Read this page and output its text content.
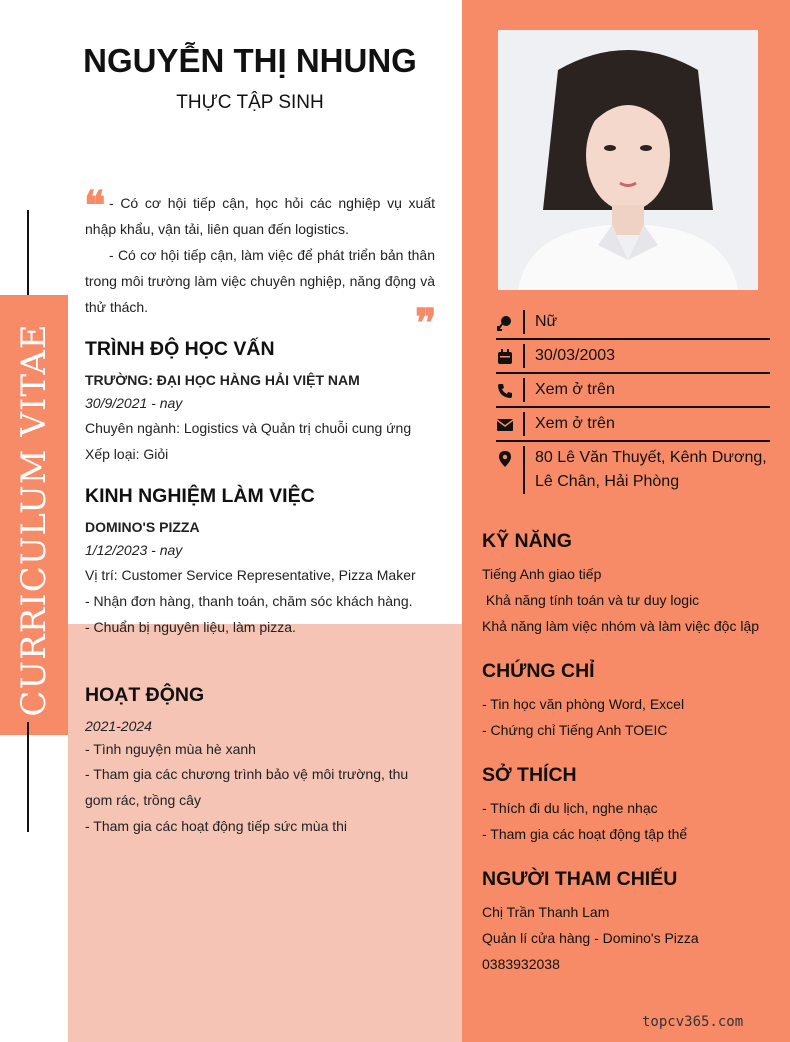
CURRICULUM VITAE
NGUYỄN THỊ NHUNG
THỰC TẬP SINH
❝ - Có cơ hội tiếp cận, học hỏi các nghiệp vụ xuất nhập khẩu, vận tải, liên quan đến logistics.

- Có cơ hội tiếp cận, làm việc để phát triển bản thân trong môi trường làm việc chuyên nghiệp, năng động và thử thách.	❞
TRÌNH ĐỘ HỌC VẤN
TRƯỜNG: ĐẠI HỌC HÀNG HẢI VIỆT NAM
30/9/2021 - nay
Chuyên ngành: Logistics và Quản trị chuỗi cung ứng
Xếp loại: Giỏi
KINH NGHIỆM LÀM VIỆC
DOMINO'S PIZZA
1/12/2023 - nay
Vị trí: Customer Service Representative, Pizza Maker
- Nhận đơn hàng, thanh toán, chăm sóc khách hàng.
- Chuẩn bị nguyên liệu, làm pizza.
HOẠT ĐỘNG
2021-2024
- Tình nguyện mùa hè xanh
- Tham gia các chương trình bảo vệ môi trường, thu gom rác, trồng cây
- Tham gia các hoạt động tiếp sức mùa thi
Nữ
30/03/2003
Xem ở trên
Xem ở trên
80 Lê Văn Thuyết, Kênh Dương, Lê Chân, Hải Phòng
KỸ NĂNG
Tiếng Anh giao tiếp
Khả năng tính toán và tư duy logic
Khả năng làm việc nhóm và làm việc độc lập
CHỨNG CHỈ
- Tin học văn phòng Word, Excel
- Chứng chỉ Tiếng Anh TOEIC
SỞ THÍCH
- Thích đi du lịch, nghe nhạc
- Tham gia các hoạt động tập thể
NGƯỜI THAM CHIẾU
Chị Trần Thanh Lam
Quản lí cửa hàng - Domino's Pizza
0383932038
topcv365.com
